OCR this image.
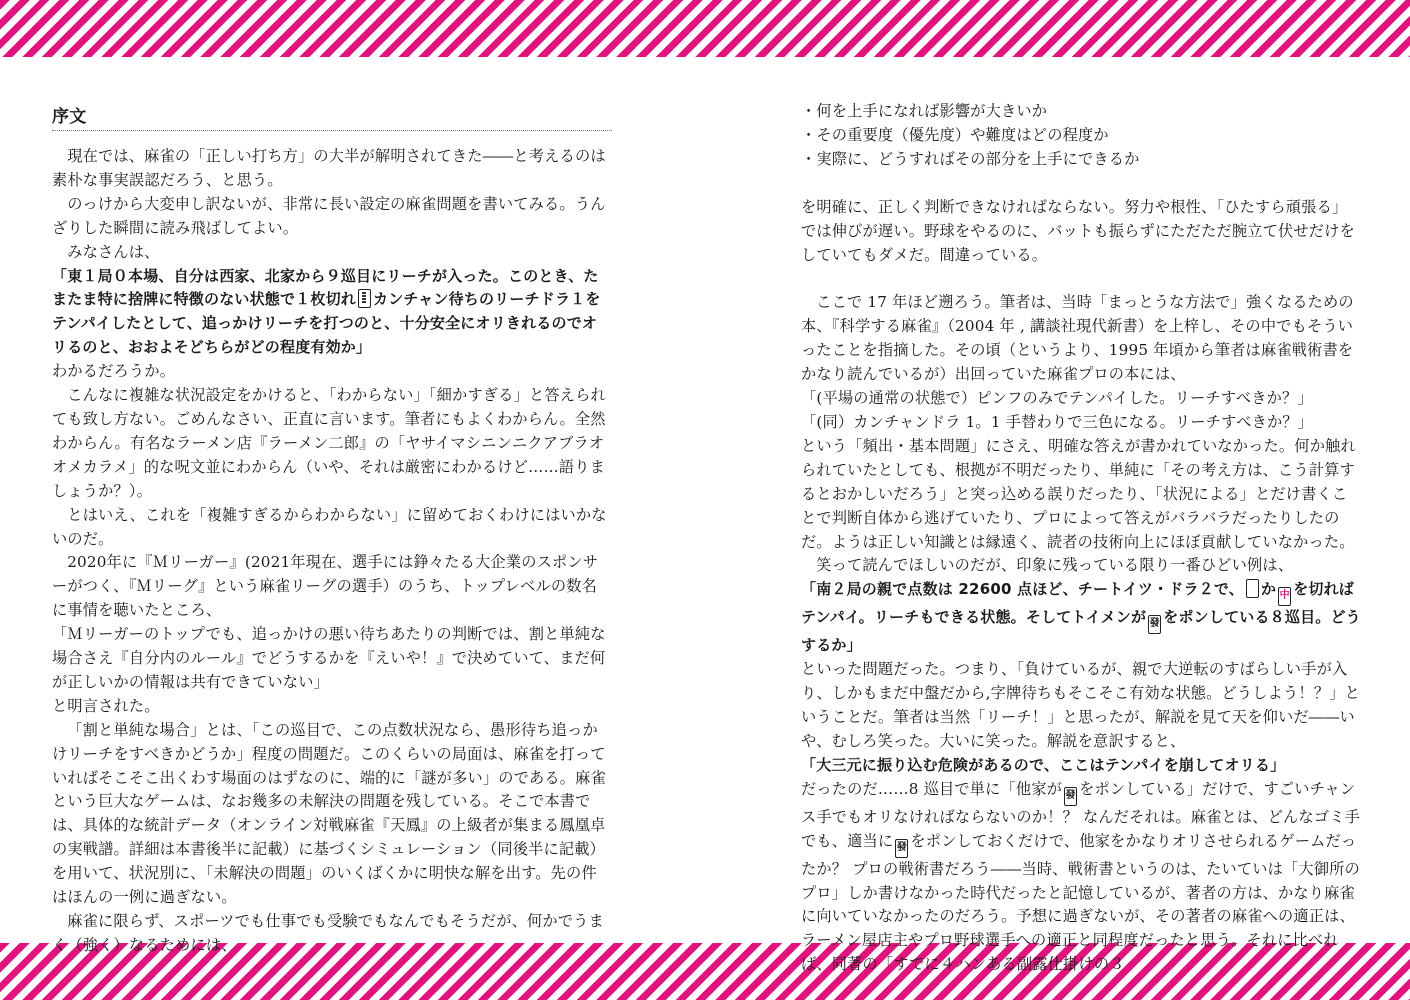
序文

現在では、麻雀の「正しい打ち方」の大半が解明されてきた――と考えるのは素朴な事実誤認だろう、と思う。

のっけから大変申し訳ないが、非常に長い設定の麻雀問題を書いてみる。うんざりした瞬間に読み飛ばしてよい。

みなさんは、

「東１局０本場、自分は西家、北家から９巡目にリーチが入った。このとき、たまたま特に捨牌に特徴のない状態で１枚切れ カンチャン待ちのリーチドラ１をテンパイしたとして、追っかけリーチを打つのと、十分安全にオリきれるのでオリるのと、おおよそどちらがどの程度有効か」

わかるだろうか。

こんなに複雑な状況設定をかけると、「わからない」「細かすぎる」と答えられても致し方ない。ごめんなさい、正直に言います。筆者にもよくわからん。全然わからん。有名なラーメン店『ラーメン二郎』の「ヤサイマシニンニクアブラオオメカラメ」的な呪文並にわからん（いや、それは厳密にわかるけど……語りましょうか？）。

とはいえ、これを「複雑すぎるからわからない」に留めておくわけにはいかないのだ。

2020年に『Ｍリーガー』(2021年現在、選手には錚々たる大企業のスポンサーがつく、『Ｍリーグ』という麻雀リーグの選手）のうち、トップレベルの数名に事情を聴いたところ、

「Ｍリーガーのトップでも、追っかけの悪い待ちあたりの判断では、割と単純な場合さえ『自分内のルール』でどうするかを『えいや！』で決めていて、まだ何が正しいかの情報は共有できていない」

と明言された。

「割と単純な場合」とは、「この巡目で、この点数状況なら、愚形待ち追っかけリーチをすべきかどうか」程度の問題だ。このくらいの局面は、麻雀を打っていればそこそこ出くわす場面のはずなのに、端的に「謎が多い」のである。麻雀という巨大なゲームは、なお幾多の未解決の問題を残している。そこで本書では、具体的な統計データ（オンライン対戦麻雀『天鳳』の上級者が集まる鳳凰卓の実戦譜。詳細は本書後半に記載）に基づくシミュレーション（同後半に記載）を用いて、状況別に、「未解決の問題」のいくばくかに明快な解を出す。先の件はほんの一例に過ぎない。

麻雀に限らず、スポーツでも仕事でも受験でもなんでもそうだが、何かでうまく（強く）なるためには、

・何を上手になれば影響が大きいか

・その重要度（優先度）や難度はどの程度か

・実際に、どうすればその部分を上手にできるか

を明確に、正しく判断できなければならない。努力や根性、「ひたすら頑張る」では伸びが遅い。野球をやるのに、バットも振らずにただただ腕立て伏せだけをしていてもダメだ。間違っている。

ここで 17 年ほど遡ろう。筆者は、当時「まっとうな方法で」強くなるための本、『科学する麻雀』（2004 年 , 講談社現代新書）を上梓し、その中でもそういったことを指摘した。その頃（というより、1995 年頃から筆者は麻雀戦術書をかなり読んでいるが）出回っていた麻雀プロの本には、

「(平場の通常の状態で）ピンフのみでテンパイした。リーチすべきか？」

「(同）カンチャンドラ 1。1 手替わりで三色になる。リーチすべきか？」

という「頻出・基本問題」にさえ、明確な答えが書かれていなかった。何か触れられていたとしても、根拠が不明だったり、単純に「その考え方は、こう計算するとおかしいだろう」と突っ込める誤りだったり、「状況による」とだけ書くことで判断自体から逃げていたり、プロによって答えがバラバラだったりしたのだ。ようは正しい知識とは縁遠く、読者の技術向上にほぼ貢献していなかった。

笑って読んでほしいのだが、印象に残っている限り一番ひどい例は、

「南２局の親で点数は 22600 点ほど、チートイツ・ドラ２で、 か 中 を切ればテンパイ。リーチもできる状態。そしてトイメンが 發 をポンしている８巡目。どうするか」

といった問題だった。つまり、「負けているが、親で大逆転のすばらしい手が入り、しかもまだ中盤だから,字牌待ちもそこそこ有効な状態。どうしよう！？」ということだ。筆者は当然「リーチ！」と思ったが、解説を見て天を仰いだ――いや、むしろ笑った。大いに笑った。解説を意訳すると、

「大三元に振り込む危険があるので、ここはテンパイを崩してオリる」

だったのだ……8 巡目で単に「他家が 發 をポンしている」だけで、すごいチャンス手でもオリなければならないのか！？ なんだそれは。麻雀とは、どんなゴミ手でも、適当に 發 をポンしておくだけで、他家をかなりオリさせられるゲームだったか？ プロの戦術書だろう――当時、戦術書というのは、たいていは「大御所のプロ」しか書けなかった時代だったと記憶しているが、著者の方は、かなり麻雀に向いていなかったのだろう。予想に過ぎないが、その著者の麻雀への適正は、ラーメン屋店主やプロ野球選手への適正と同程度だったと思う。それに比べれば、同著の「すでに４ハンある副露仕掛けの３
